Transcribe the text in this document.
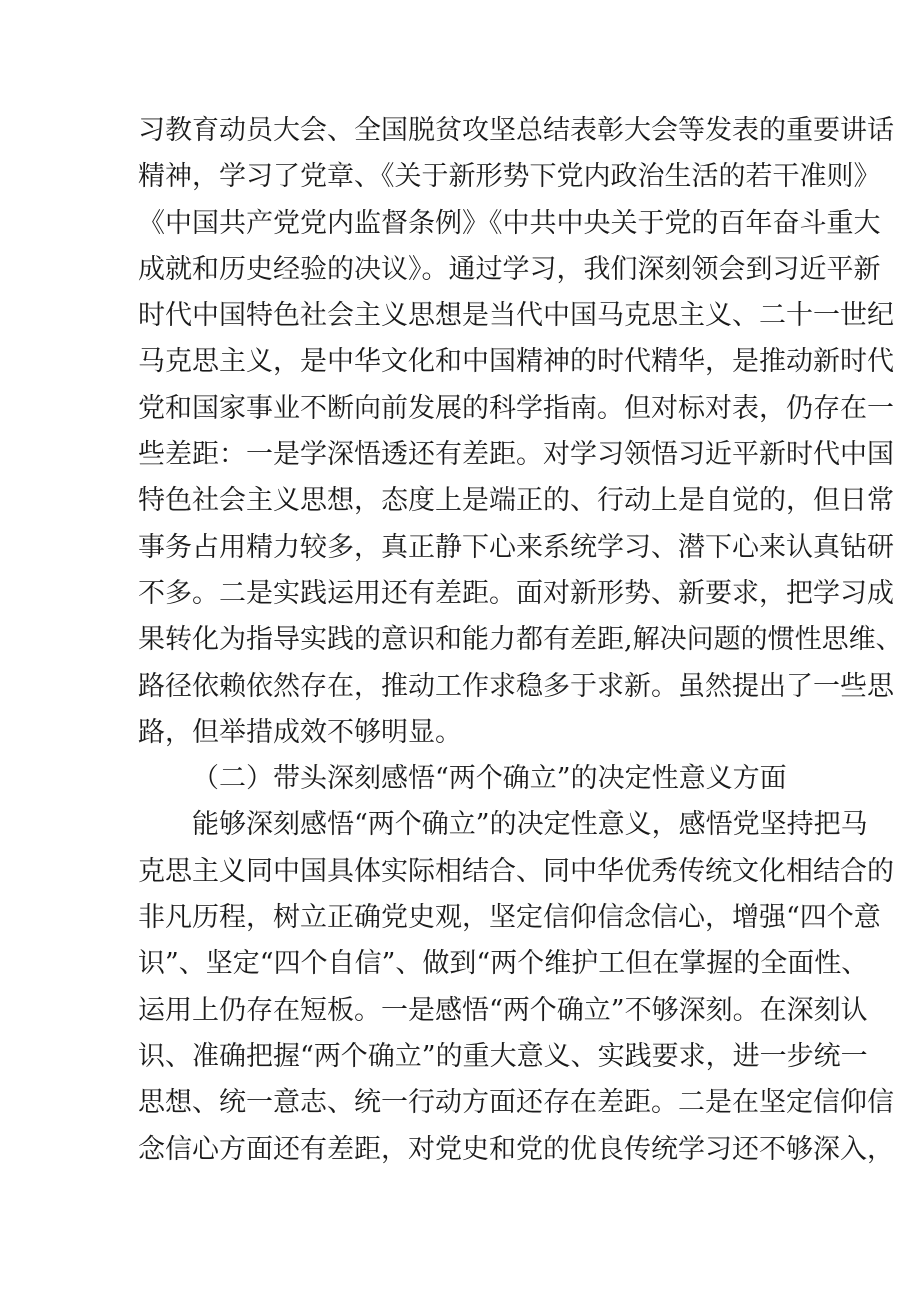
习教育动员大会、全国脱贫攻坚总结表彰大会等发表的重要讲话
精神，学习了党章、《关于新形势下党内政治生活的若干准则》
《中国共产党党内监督条例》《中共中央关于党的百年奋斗重大
成就和历史经验的决议》。通过学习，我们深刻领会到习近平新
时代中国特色社会主义思想是当代中国马克思主义、二十一世纪
马克思主义，是中华文化和中国精神的时代精华，是推动新时代
党和国家事业不断向前发展的科学指南。但对标对表，仍存在一
些差距：一是学深悟透还有差距。对学习领悟习近平新时代中国
特色社会主义思想，态度上是端正的、行动上是自觉的，但日常
事务占用精力较多，真正静下心来系统学习、潜下心来认真钻研
不多。二是实践运用还有差距。面对新形势、新要求，把学习成
果转化为指导实践的意识和能力都有差距,解决问题的惯性思维、
路径依赖依然存在，推动工作求稳多于求新。虽然提出了一些思
路，但举措成效不够明显。
（二）带头深刻感悟“两个确立”的决定性意义方面
能够深刻感悟“两个确立”的决定性意义，感悟党坚持把马
克思主义同中国具体实际相结合、同中华优秀传统文化相结合的
非凡历程，树立正确党史观，坚定信仰信念信心，增强“四个意
识”、坚定“四个自信”、做到“两个维护工但在掌握的全面性、
运用上仍存在短板。一是感悟“两个确立”不够深刻。在深刻认
识、准确把握“两个确立”的重大意义、实践要求，进一步统一
思想、统一意志、统一行动方面还存在差距。二是在坚定信仰信
念信心方面还有差距，对党史和党的优良传统学习还不够深入，
